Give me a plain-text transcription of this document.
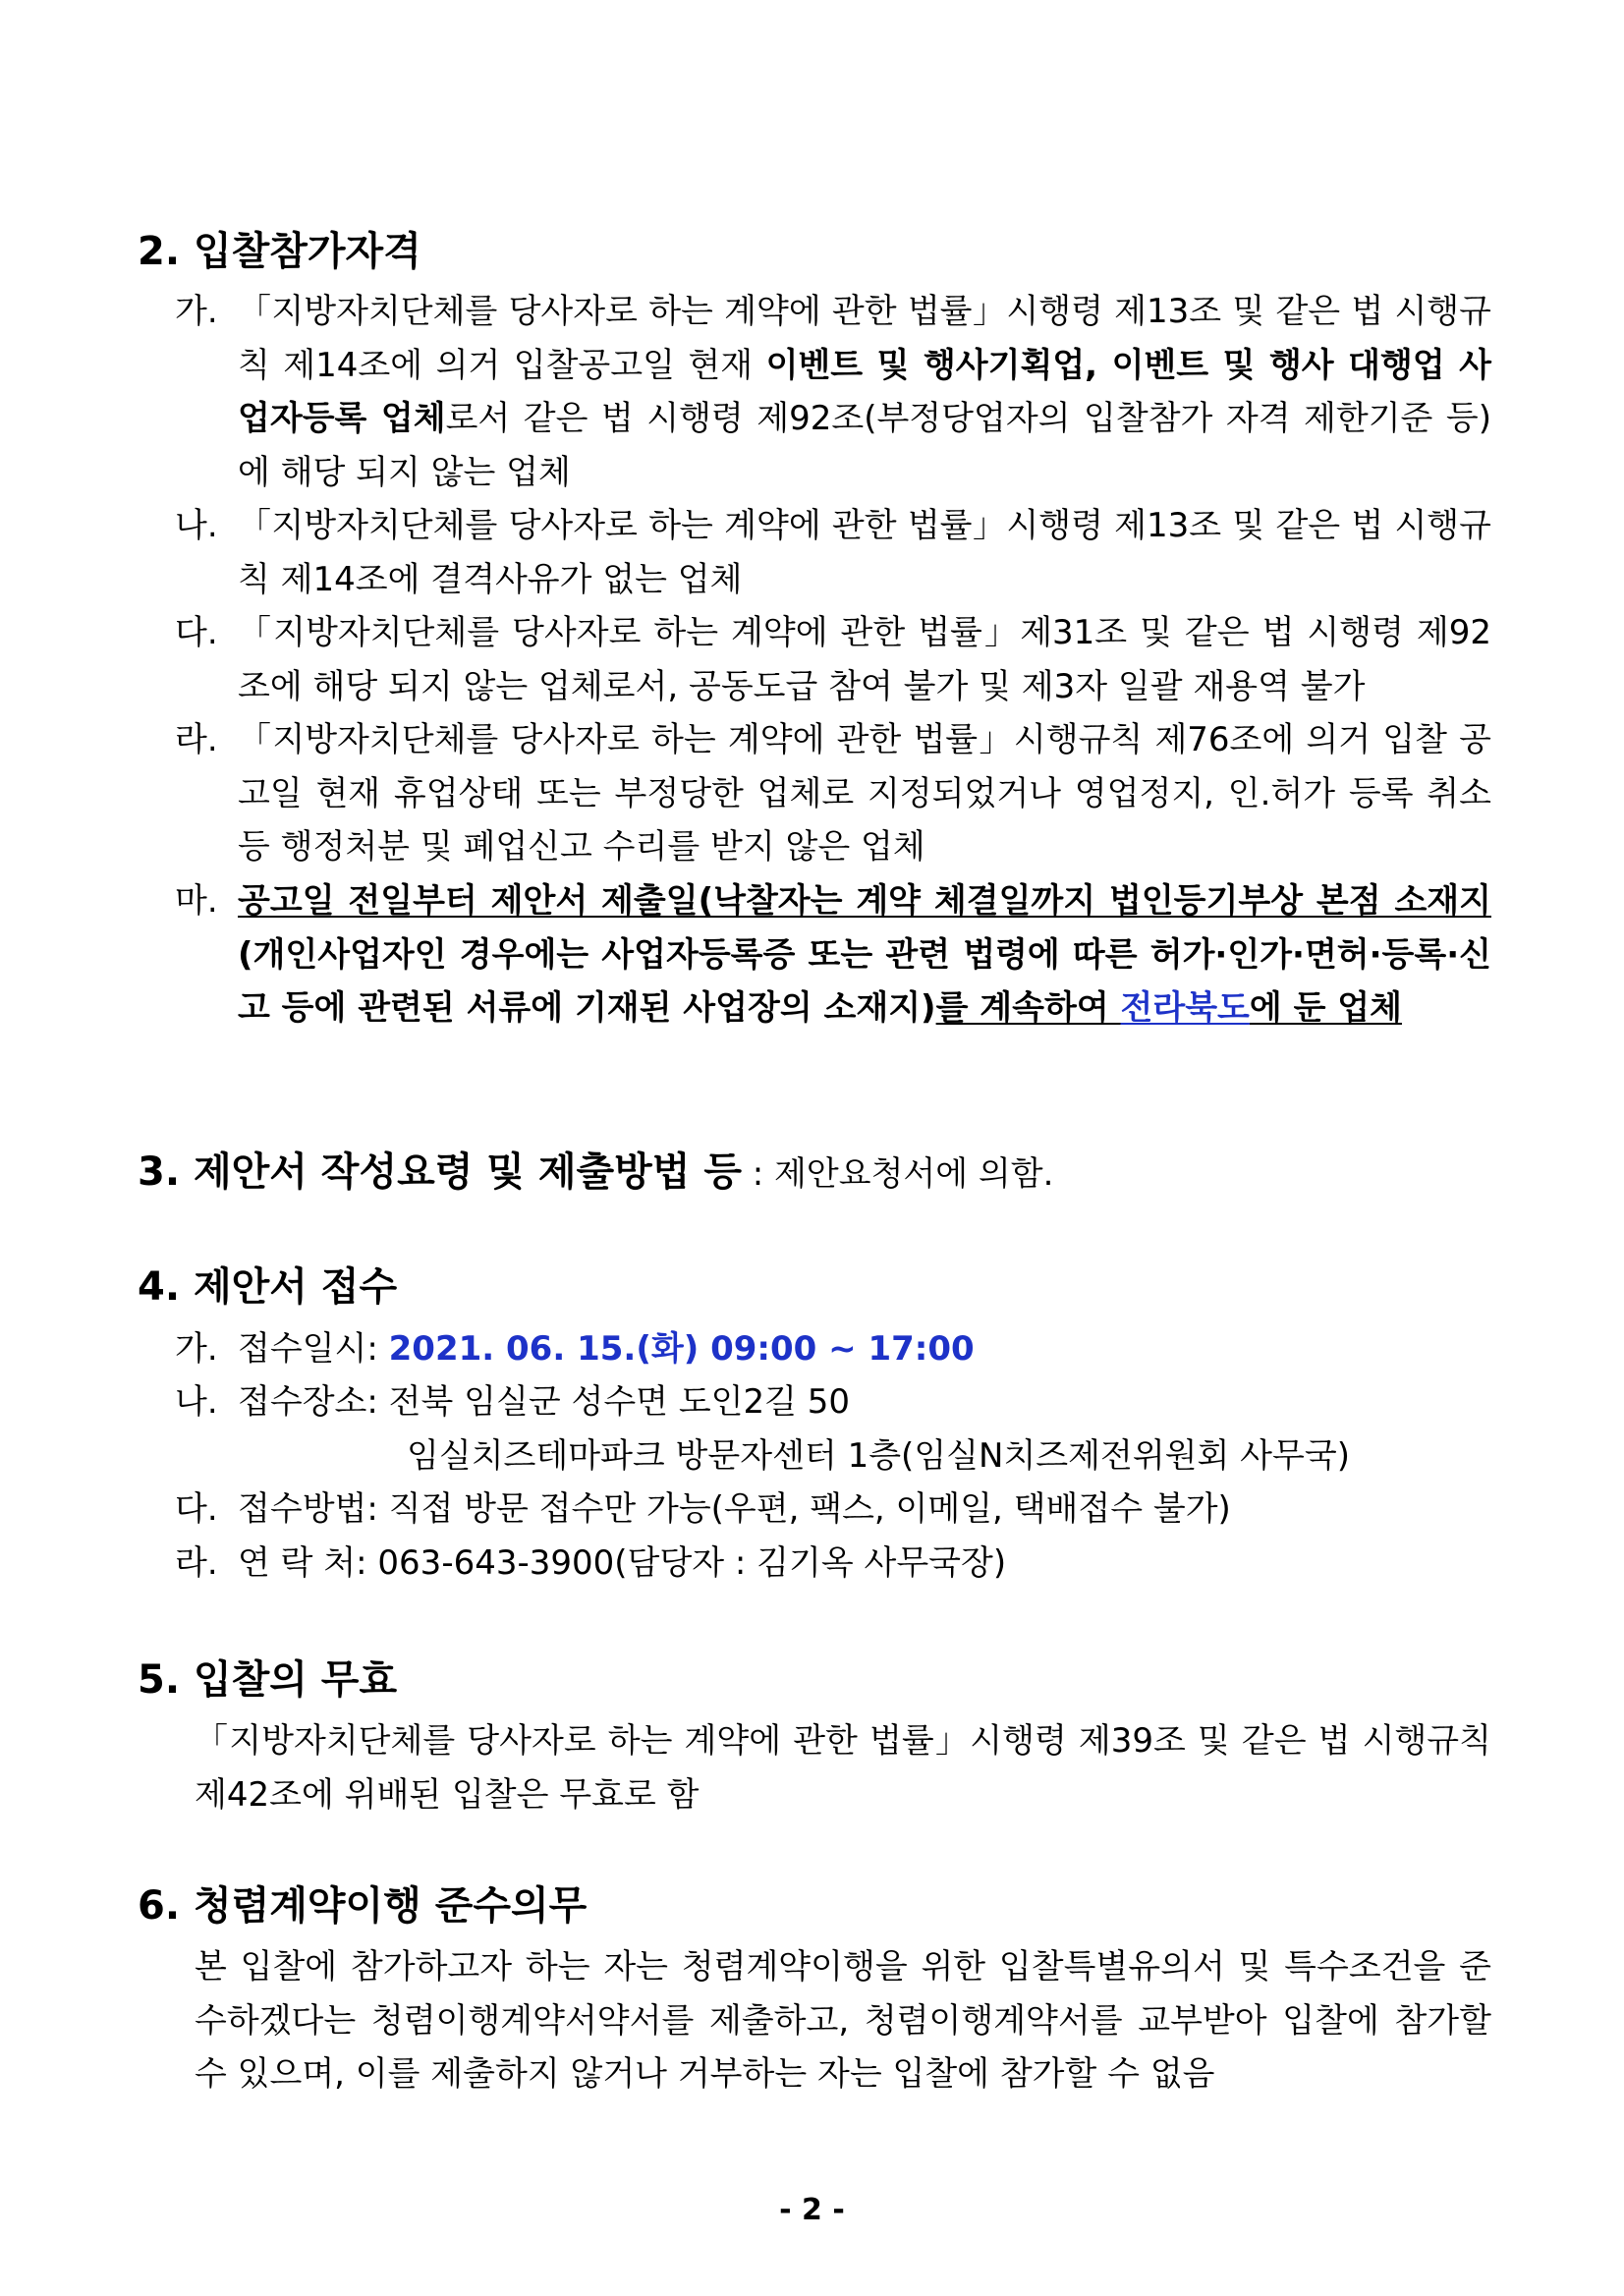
2. 입찰참가자격
가. 「지방자치단체를 당사자로 하는 계약에 관한 법률」시행령 제13조 및 같은 법 시행규칙 제14조에 의거 입찰공고일 현재 이벤트 및 행사기획업, 이벤트 및 행사 대행업 사업자등록 업체로서 같은 법 시행령 제92조(부정당업자의 입찰참가 자격 제한기준 등)에 해당 되지 않는 업체
나. 「지방자치단체를 당사자로 하는 계약에 관한 법률」시행령 제13조 및 같은 법 시행규칙 제14조에 결격사유가 없는 업체
다. 「지방자치단체를 당사자로 하는 계약에 관한 법률」제31조 및 같은 법 시행령 제92조에 해당 되지 않는 업체로서, 공동도급 참여 불가 및 제3자 일괄 재용역 불가
라. 「지방자치단체를 당사자로 하는 계약에 관한 법률」시행규칙 제76조에 의거 입찰 공고일 현재 휴업상태 또는 부정당한 업체로 지정되었거나 영업정지, 인.허가 등록 취소 등 행정처분 및 폐업신고 수리를 받지 않은 업체
마. 공고일 전일부터 제안서 제출일(낙찰자는 계약 체결일까지 법인등기부상 본점 소재지(개인사업자인 경우에는 사업자등록증 또는 관련 법령에 따른 허가·인가·면허·등록·신고 등에 관련된 서류에 기재된 사업장의 소재지)를 계속하여 전라북도에 둔 업체
3. 제안서 작성요령 및 제출방법 등 : 제안요청서에 의함.
4. 제안서 접수
가. 접수일시: 2021. 06. 15.(화) 09:00 ~ 17:00
나. 접수장소: 전북 임실군 성수면 도인2길 50
임실치즈테마파크 방문자센터 1층(임실N치즈제전위원회 사무국)
다. 접수방법: 직접 방문 접수만 가능(우편, 팩스, 이메일, 택배접수 불가)
라. 연 락 처: 063-643-3900(담당자 : 김기옥 사무국장)
5. 입찰의 무효
「지방자치단체를 당사자로 하는 계약에 관한 법률」시행령 제39조 및 같은 법 시행규칙 제42조에 위배된 입찰은 무효로 함
6. 청렴계약이행 준수의무
본 입찰에 참가하고자 하는 자는 청렴계약이행을 위한 입찰특별유의서 및 특수조건을 준수하겠다는 청렴이행계약서약서를 제출하고, 청렴이행계약서를 교부받아 입찰에 참가할 수 있으며, 이를 제출하지 않거나 거부하는 자는 입찰에 참가할 수 없음
- 2 -
